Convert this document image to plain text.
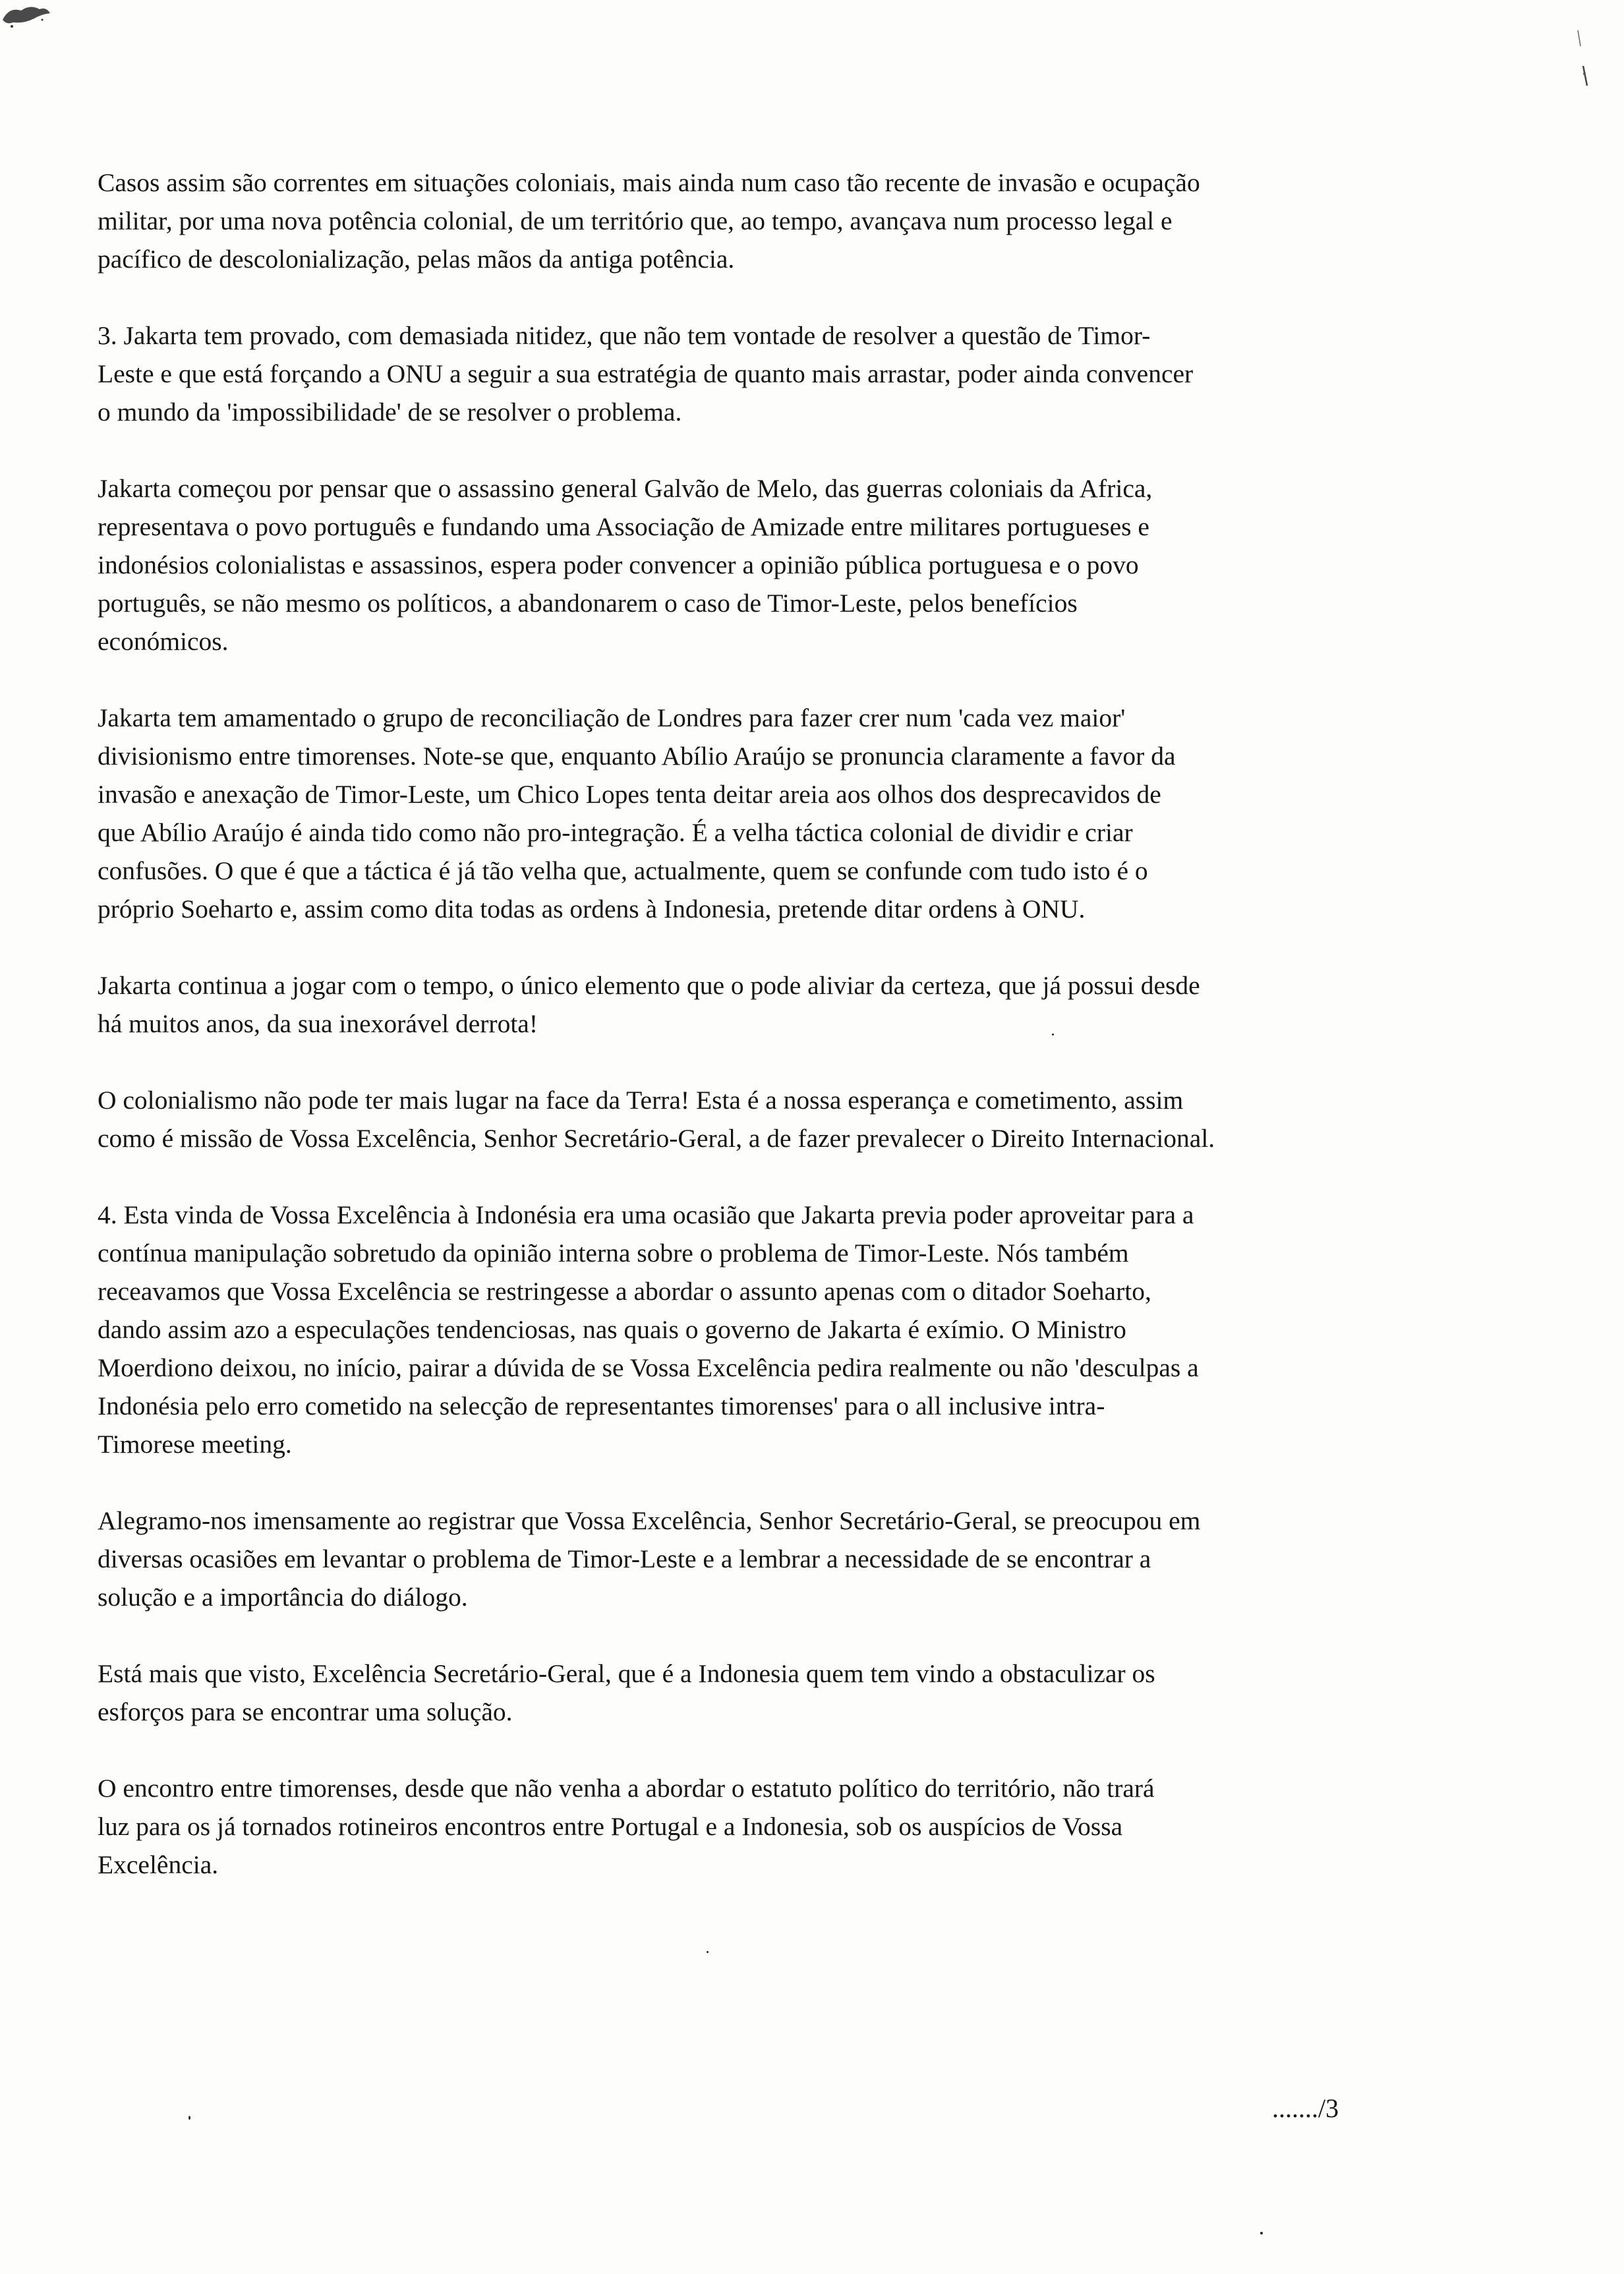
Casos assim são correntes em situações coloniais, mais ainda num caso tão recente de invasão e ocupação
militar, por uma nova potência colonial, de um território que, ao tempo, avançava num processo legal e
pacífico de descolonialização, pelas mãos da antiga potência.

3. Jakarta tem provado, com demasiada nitidez, que não tem vontade de resolver a questão de Timor-
Leste e que está forçando a ONU a seguir a sua estratégia de quanto mais arrastar, poder ainda convencer
o mundo da 'impossibilidade' de se resolver o problema.

Jakarta começou por pensar que o assassino general Galvão de Melo, das guerras coloniais da Africa,
representava o povo português e fundando uma Associação de Amizade entre militares portugueses e
indonésios colonialistas e assassinos, espera poder convencer a opinião pública portuguesa e o povo
português, se não mesmo os políticos, a abandonarem o caso de Timor-Leste, pelos benefícios
económicos.

Jakarta tem amamentado o grupo de reconciliação de Londres para fazer crer num 'cada vez maior'
divisionismo entre timorenses. Note-se que, enquanto Abílio Araújo se pronuncia claramente a favor da
invasão e anexação de Timor-Leste, um Chico Lopes tenta deitar areia aos olhos dos desprecavidos de
que Abílio Araújo é ainda tido como não pro-integração. É a velha táctica colonial de dividir e criar
confusões. O que é que a táctica é já tão velha que, actualmente, quem se confunde com tudo isto é o
próprio Soeharto e, assim como dita todas as ordens à Indonesia, pretende ditar ordens à ONU.

Jakarta continua a jogar com o tempo, o único elemento que o pode aliviar da certeza, que já possui desde
há muitos anos, da sua inexorável derrota!

O colonialismo não pode ter mais lugar na face da Terra! Esta é a nossa esperança e cometimento, assim
como é missão de Vossa Excelência, Senhor Secretário-Geral, a de fazer prevalecer o Direito Internacional.

4. Esta vinda de Vossa Excelência à Indonésia era uma ocasião que Jakarta previa poder aproveitar para a
contínua manipulação sobretudo da opinião interna sobre o problema de Timor-Leste. Nós também
receavamos que Vossa Excelência se restringesse a abordar o assunto apenas com o ditador Soeharto,
dando assim azo a especulações tendenciosas, nas quais o governo de Jakarta é exímio. O Ministro
Moerdiono deixou, no início, pairar a dúvida de se Vossa Excelência pedira realmente ou não 'desculpas a
Indonésia pelo erro cometido na selecção de representantes timorenses' para o all inclusive intra-
Timorese meeting.

Alegramo-nos imensamente ao registrar que Vossa Excelência, Senhor Secretário-Geral, se preocupou em
diversas ocasiões em levantar o problema de Timor-Leste e a lembrar a necessidade de se encontrar a
solução e a importância do diálogo.

Está mais que visto, Excelência Secretário-Geral, que é a Indonesia quem tem vindo a obstaculizar os
esforços para se encontrar uma solução.

O encontro entre timorenses, desde que não venha a abordar o estatuto político do território, não trará
luz para os já tornados rotineiros encontros entre Portugal e a Indonesia, sob os auspícios de Vossa
Excelência.

......./3
